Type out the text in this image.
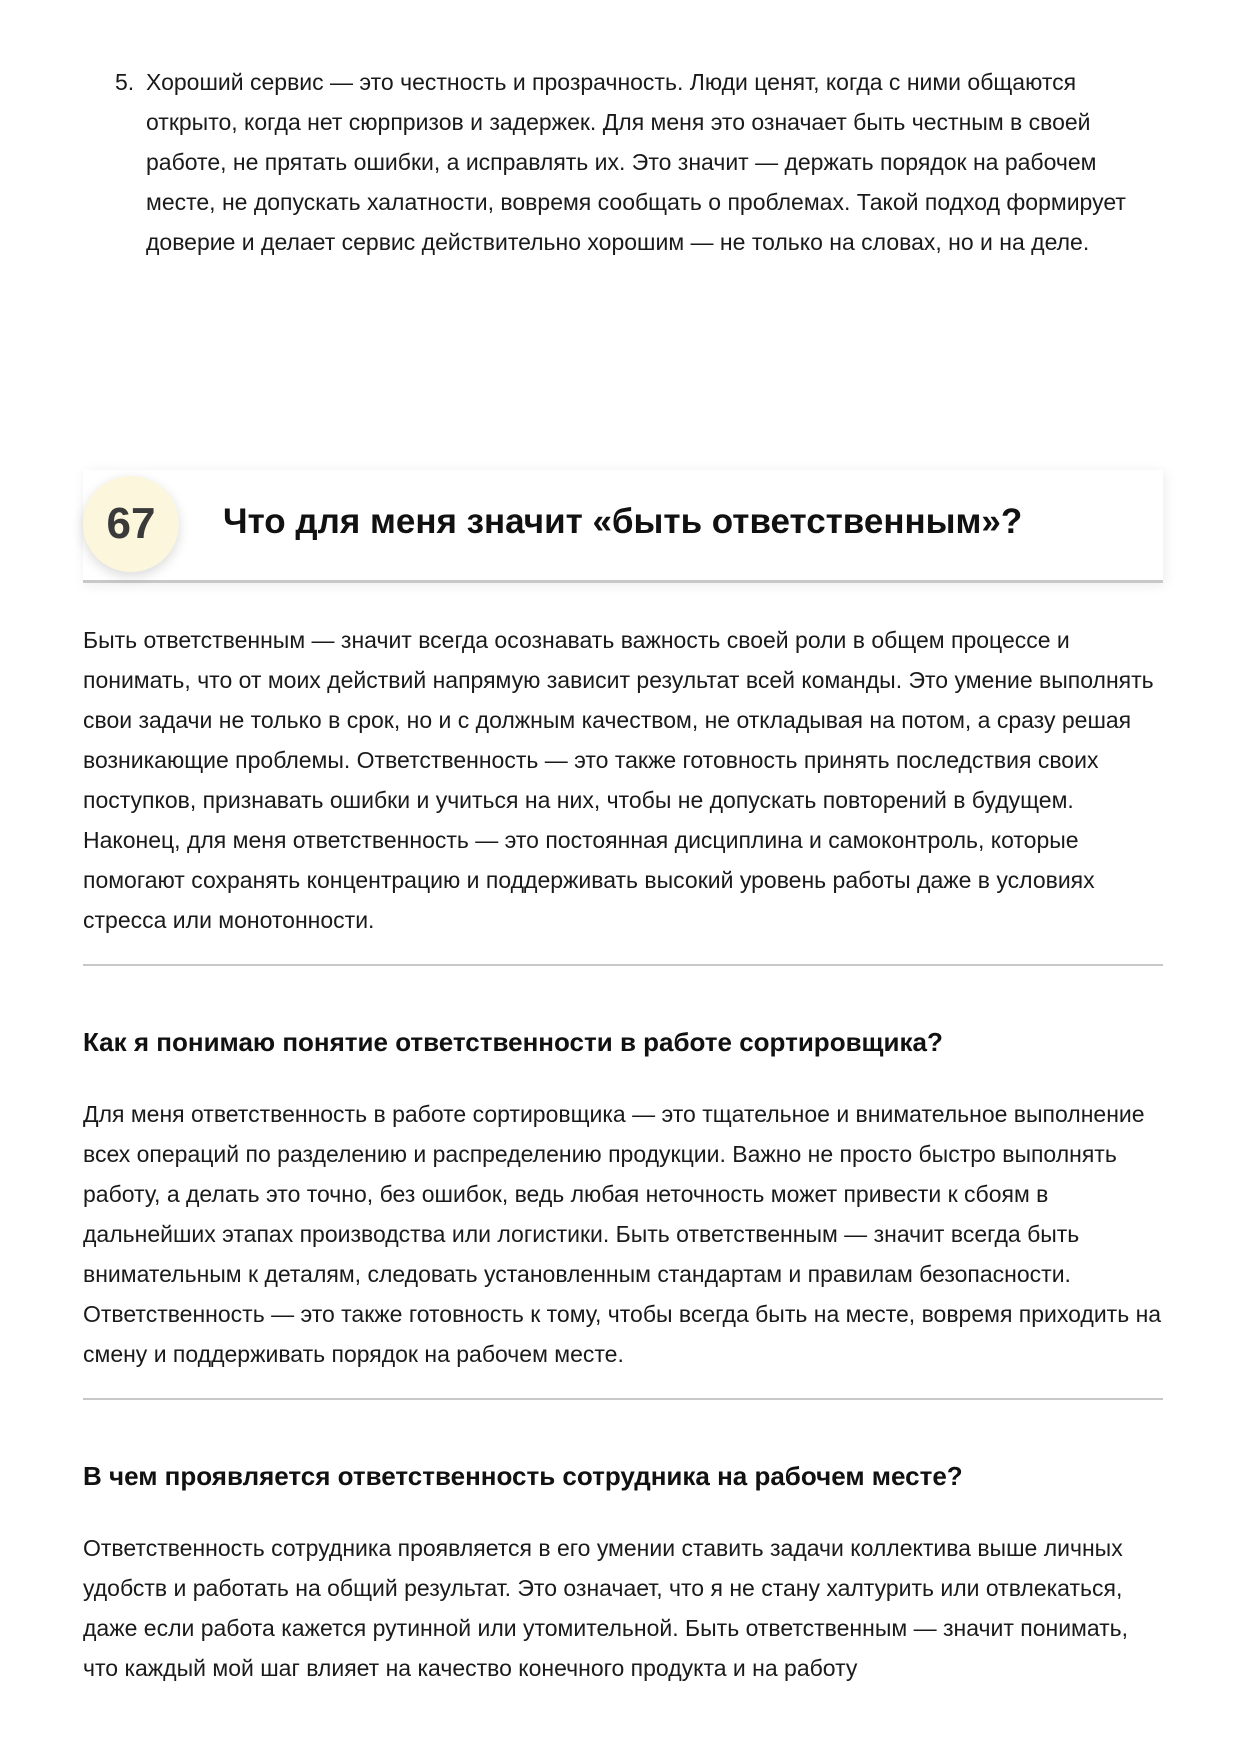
5. Хороший сервис — это честность и прозрачность. Люди ценят, когда с ними общаются открыто, когда нет сюрпризов и задержек. Для меня это означает быть честным в своей работе, не прятать ошибки, а исправлять их. Это значит — держать порядок на рабочем месте, не допускать халатности, вовремя сообщать о проблемах. Такой подход формирует доверие и делает сервис действительно хорошим — не только на словах, но и на деле.
67	Что для меня значит «быть ответственным»?
Быть ответственным — значит всегда осознавать важность своей роли в общем процессе и понимать, что от моих действий напрямую зависит результат всей команды. Это умение выполнять свои задачи не только в срок, но и с должным качеством, не откладывая на потом, а сразу решая возникающие проблемы. Ответственность — это также готовность принять последствия своих поступков, признавать ошибки и учиться на них, чтобы не допускать повторений в будущем. Наконец, для меня ответственность — это постоянная дисциплина и самоконтроль, которые помогают сохранять концентрацию и поддерживать высокий уровень работы даже в условиях стресса или монотонности.
Как я понимаю понятие ответственности в работе сортировщика?
Для меня ответственность в работе сортировщика — это тщательное и внимательное выполнение всех операций по разделению и распределению продукции. Важно не просто быстро выполнять работу, а делать это точно, без ошибок, ведь любая неточность может привести к сбоям в дальнейших этапах производства или логистики. Быть ответственным — значит всегда быть внимательным к деталям, следовать установленным стандартам и правилам безопасности. Ответственность — это также готовность к тому, чтобы всегда быть на месте, вовремя приходить на смену и поддерживать порядок на рабочем месте.
В чем проявляется ответственность сотрудника на рабочем месте?
Ответственность сотрудника проявляется в его умении ставить задачи коллектива выше личных удобств и работать на общий результат. Это означает, что я не стану халтурить или отвлекаться, даже если работа кажется рутинной или утомительной. Быть ответственным — значит понимать, что каждый мой шаг влияет на качество конечного продукта и на работу
